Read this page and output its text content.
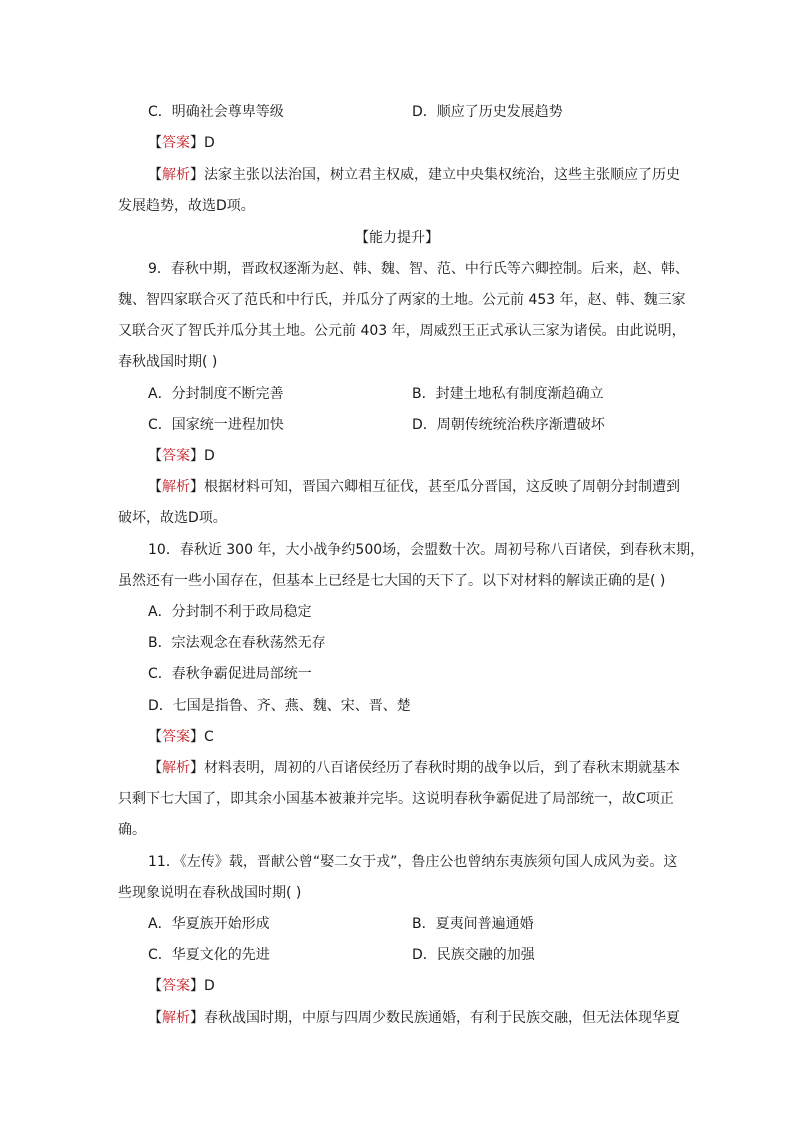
C．明确社会尊卑等级	D．顺应了历史发展趋势
【答案】D
【解析】法家主张以法治国，树立君主权威，建立中央集权统治，这些主张顺应了历史
发展趋势，故选D项。
【能力提升】
9．春秋中期，晋政权逐渐为赵、韩、魏、智、范、中行氏等六卿控制。后来，赵、韩、
魏、智四家联合灭了范氏和中行氏，并瓜分了两家的土地。公元前 453 年，赵、韩、魏三家
又联合灭了智氏并瓜分其土地。公元前 403 年，周威烈王正式承认三家为诸侯。由此说明，
春秋战国时期( )
A．分封制度不断完善	B．封建土地私有制度渐趋确立
C．国家统一进程加快	D．周朝传统统治秩序渐遭破坏
【答案】D
【解析】根据材料可知，晋国六卿相互征伐，甚至瓜分晋国，这反映了周朝分封制遭到
破坏，故选D项。
10．春秋近 300 年，大小战争约500场，会盟数十次。周初号称八百诸侯，到春秋末期，
虽然还有一些小国存在，但基本上已经是七大国的天下了。以下对材料的解读正确的是( )
A．分封制不利于政局稳定
B．宗法观念在春秋荡然无存
C．春秋争霸促进局部统一
D．七国是指鲁、齐、燕、魏、宋、晋、楚
【答案】C
【解析】材料表明，周初的八百诸侯经历了春秋时期的战争以后，到了春秋末期就基本
只剩下七大国了，即其余小国基本被兼并完毕。这说明春秋争霸促进了局部统一，故C项正
确。
11．《左传》载，晋献公曾“娶二女于戎”，鲁庄公也曾纳东夷族须句国人成风为妾。这
些现象说明在春秋战国时期( )
A．华夏族开始形成	B．夏夷间普遍通婚
C．华夏文化的先进	D．民族交融的加强
【答案】D
【解析】春秋战国时期，中原与四周少数民族通婚，有利于民族交融，但无法体现华夏
